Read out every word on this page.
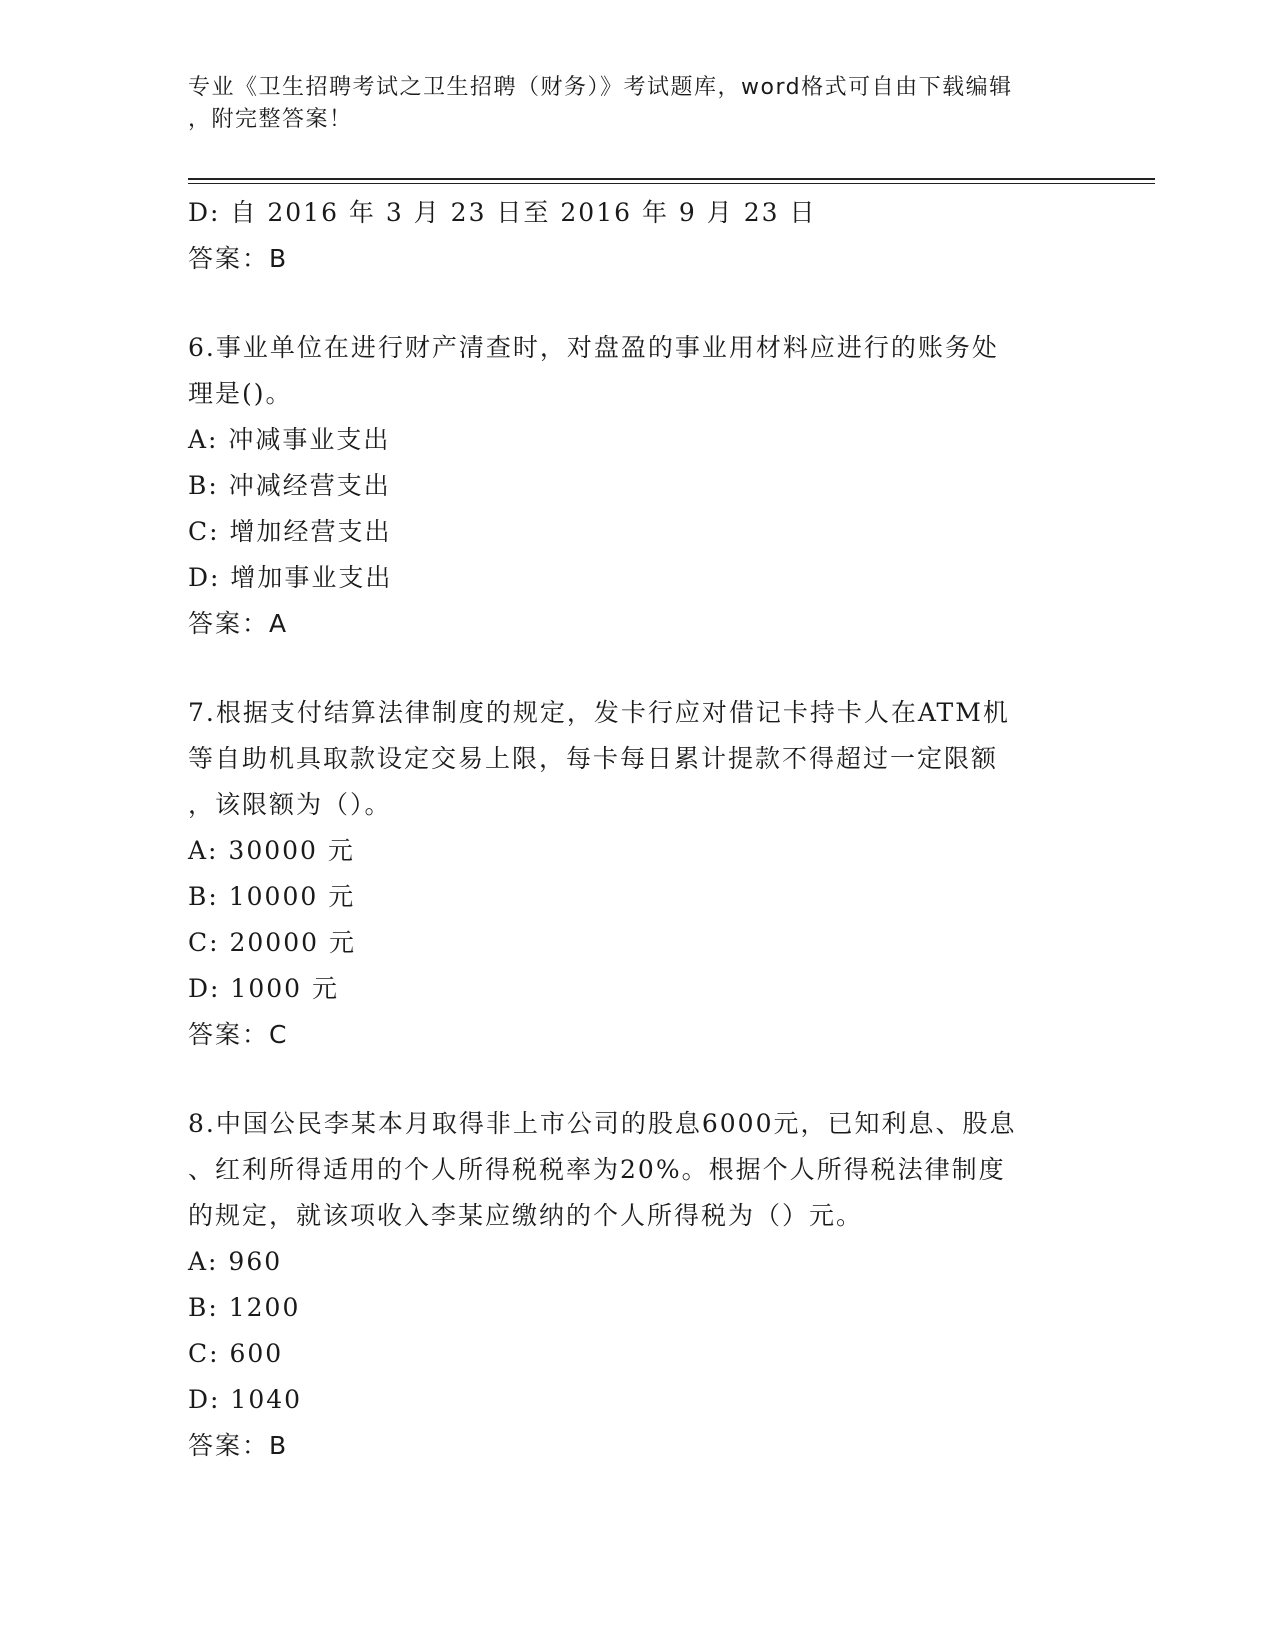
专业《卫生招聘考试之卫生招聘（财务）》考试题库，word格式可自由下载编辑
，附完整答案！
D: 自 2016 年 3 月 23 日至 2016 年 9 月 23 日
答案：B
6.事业单位在进行财产清查时，对盘盈的事业用材料应进行的账务处
理是()。
A: 冲减事业支出
B: 冲减经营支出
C: 增加经营支出
D: 增加事业支出
答案：A
7.根据支付结算法律制度的规定，发卡行应对借记卡持卡人在ATM机
等自助机具取款设定交易上限，每卡每日累计提款不得超过一定限额
，该限额为（）。
A: 30000 元
B: 10000 元
C: 20000 元
D: 1000 元
答案：C
8.中国公民李某本月取得非上市公司的股息6000元，已知利息、股息
、红利所得适用的个人所得税税率为20%。根据个人所得税法律制度
的规定，就该项收入李某应缴纳的个人所得税为（）元。
A: 960
B: 1200
C: 600
D: 1040
答案：B
